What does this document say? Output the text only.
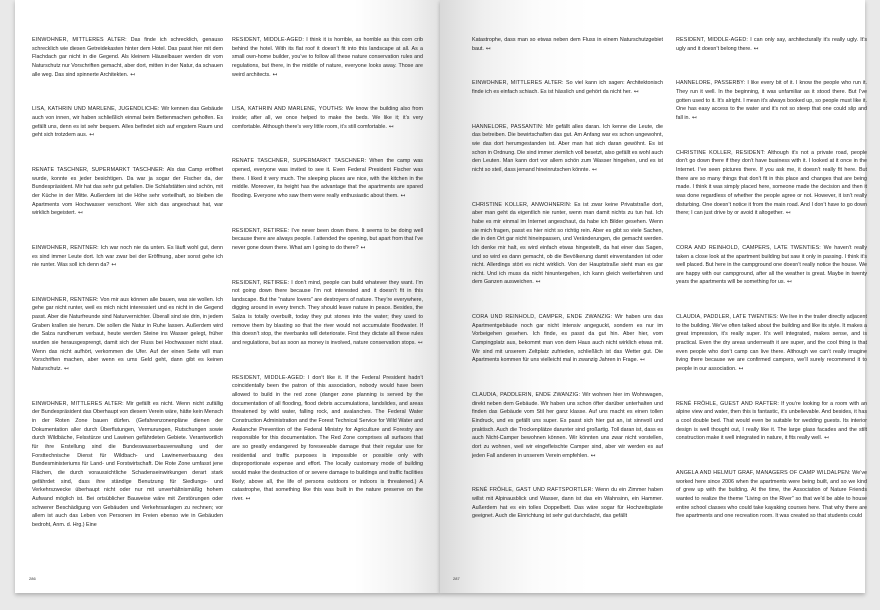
EINWOHNER, MITTLERES ALTER: Das finde ich schrecklich, genauso schrecklich wie diesen Getreidekasten hinter dem Hotel. Das passt hier mit dem Flachdach gar nicht in die Gegend. Als kleinem Häuselbauer werden dir vom Naturschutz nur Vorschriften gemacht, aber dort, mitten in der Natur, da schauen alle weg. Das sind spinnerte Architekten. ↤

LISA, KATHRIN UND MARLENE, JUGENDLICHE: Wir kennen das Gebäude auch von innen, wir haben schließlich einmal beim Bettenmachen geholfen. Es gefällt uns, denn es ist sehr bequem. Alles befindet sich auf engstem Raum und geht sich trotzdem aus. ↤

RENATE TASCHNER, SUPERMARKT TASCHNER: Als das Camp eröffnet wurde, konnte es jeder besichtigen. Da war ja sogar der Fischer da, der Bundespräsident. Mir hat das sehr gut gefallen. Die Schlafstätten sind schön, mit der Küche in der Mitte. Außerdem ist die Höhe sehr vorteilhaft, so bleiben die Apartments vom Hochwasser verschont. Wer sich das angeschaut hat, war wirklich begeistert. ↤

EINWOHNER, RENTNER: Ich war noch nie da unten. Es läuft wohl gut, denn es sind immer Leute dort. Ich war zwar bei der Eröffnung, aber sonst gehe ich nie runter. Was soll ich denn da? ↤

EINWOHNER, RENTNER: Von mir aus können alle bauen, was sie wollen. Ich gehe gar nicht runter, weil es mich nicht interessiert und es nicht in die Gegend passt. Aber die Naturfreunde sind Naturvernichter. Überall sind sie drin, in jedem Graben krallen sie herum. Die sollen die Natur in Ruhe lassen. Außerdem wird die Salza rundherum verbaut, heute werden Steine ins Wasser gelegt, früher wurden sie herausgesprengt, damit sich der Fluss bei Hochwasser nicht staut. Wenn das nicht aufhört, verkommen die Ufer. Auf der einen Seite will man Vorschriften machen, aber wenn es ums Geld geht, dann gibt es keinen Naturschutz. ↤

EINWOHNER, MITTLERES ALTER: Mir gefällt es nicht. Wenn nicht zufällig der Bundespräsident das Oberhaupt von diesem Verein wäre, hätte kein Mensch in der Roten Zone bauen dürfen. (Gefahrenzonenpläne dienen der Dokumentation aller durch Überflutungen, Vermurungen, Rutschungen sowie durch Wildbäche, Felsstürze und Lawinen gefährdeten Gebiete. Verantwortlich für ihre Erstellung sind die Bundeswasserbauverwaltung und der Forsttechnische Dienst für Wildbach- und Lawinenverbauung des Bundesministeriums für Land- und Forstwirtschaft. Die Rote Zone umfasst jene Flächen, die durch voraussichtliche Schadenseinwirkungen derart stark gefährdet sind, dass ihre ständige Benutzung für Siedlungs- und Verkehrszwecke überhaupt nicht oder nur mit unverhältnismäßig hohem Aufwand möglich ist. Bei ortsüblicher Bauweise wäre mit Zerstörungen oder schwerer Beschädigung von Gebäuden und Verkehrsanlagen zu rechnen; vor allem ist auch das Leben von Personen im Freien ebenso wie in Gebäuden bedroht, Anm. d. Hrg.) Eine

RESIDENT, MIDDLE-AGED: I think it is horrible, as horrible as this corn crib behind the hotel. With its flat roof it doesn’t fit into this landscape at all. As a small own-home builder, you’ve to follow all these nature conservation rules and regulations, but there, in the middle of nature, everyone looks away. Those are weird architects. ↤

LISA, KATHRIN AND MARLENE, YOUTHS: We know the building also from inside; after all, we once helped to make the beds. We like it; it’s very comfortable. Although there’s very little room, it’s still comfortable. ↤

RENATE TASCHNER, SUPERMARKT TASCHNER: When the camp was opened, everyone was invited to see it. Even Federal President Fischer was there. I liked it very much. The sleeping places are nice, with the kitchen in the middle. Moreover, its height has the advantage that the apartments are spared flooding. Everyone who saw them were really enthusiastic about them. ↤

RESIDENT, RETIREE: I’ve never been down there. It seems to be doing well because there are always people. I attended the opening, but apart from that I’ve never gone down there. What am I going to do there? ↤

RESIDENT, RETIREE: I don’t mind, people can build whatever they want. I’m not going down there because I’m not interested and it doesn’t fit in this landscape. But the “nature lovers” are destroyers of nature. They’re everywhere, digging around in every trench. They should leave nature in peace. Besides, the Salza is totally overbuilt, today they put stones into the water; they used to remove them by blasting so that the river would not accumulate floodwater. If this doesn’t stop, the riverbanks will deteriorate. First they dictate all these rules and regulations, but as soon as money is involved, nature conservation stops. ↤

RESIDENT, MIDDLE-AGED: I don’t like it. If the Federal President hadn’t coincidentally been the patron of this association, nobody would have been allowed to build in the red zone (danger zone planning is served by the documentation of all flooding, flood debris accumulations, landslides, and areas threatened by wild water, falling rock, and avalanches. The Federal Water Construction Administration and the Forest Technical Service for Wild Water and Avalanche Prevention of the Federal Ministry for Agriculture and Forestry are responsible for this documentation. The Red Zone comprises all surfaces that are so greatly endangered by foreseeable damage that their regular use for residential and traffic purposes is impossible or possible only with disproportionate expense and effort. The locally customary mode of building would make the destruction of or severe damage to buildings and traffic facilities likely; above all, the life of persons outdoors or indoors is threatened.) A catastrophe, that something like this was built in the nature preserve on the river. ↤

286

Katastrophe, dass man so etwas neben dem Fluss in einem Naturschutzgebiet baut. ↤

EINWOHNER, MITTLERES ALTER: So viel kann ich sagen: Architektonisch finde ich es einfach schiach. Es ist hässlich und gehört da nicht her. ↤

HANNELORE, PASSANTIN: Mir gefällt alles daran. Ich kenne die Leute, die das betreiben. Die bewirtschaften das gut. Am Anfang war es schon ungewohnt, wie das dort herumgestanden ist. Aber man hat sich daran gewöhnt. Es ist schon in Ordnung. Die sind immer ziemlich voll besetzt, also gefällt es wohl auch den Leuten. Man kann dort vor allem schön zum Wasser hingehen, und es ist nicht so steil, dass jemand hineinrutschen könnte. ↤

CHRISTINE KOLLER, ANWOHNERIN: Es ist zwar keine Privatstraße dort, aber man geht da eigentlich nie runter, wenn man damit nichts zu tun hat. Ich habe es mir einmal im Internet angeschaut, da habe ich Bilder gesehen. Wenn sie mich fragen, passt es hier nicht so richtig rein. Aber es gibt so viele Sachen, die in den Ort gar nicht hineinpassen, und Veränderungen, die gemacht werden. Ich denke mir halt, es wird einfach etwas hingestellt, da hat einer das Sagen, und so wird es dann gemacht, ob die Bevölkerung damit einverstanden ist oder nicht. Allerdings stört es nicht wirklich. Von der Hauptstraße sieht man es gar nicht. Und ich muss da nicht hinuntergehen, ich kann gleich weiterfahren und dem Ganzen ausweichen. ↤

CORA UND REINHOLD, CAMPER, ENDE ZWANZIG: Wir haben uns das Apartmentgebäude noch gar nicht intensiv angeguckt, sondern es nur im Vorbeigehen gesehen. Ich finde, es passt da gut hin. Aber hier, vom Campingplatz aus, bekommt man von dem Haus auch nicht wirklich etwas mit. Wir sind mit unserem Zeltplatz zufrieden, schließlich ist das Wetter gut. Die Apartments kommen für uns vielleicht mal in zwanzig Jahren in Frage. ↤

CLAUDIA, PADDLERIN, ENDE ZWANZIG: Wir wohnen hier im Wohnwagen, direkt neben dem Gebäude. Wir haben uns schon öfter darüber unterhalten und finden das Gebäude vom Stil her ganz klasse. Auf uns macht es einen tollen Eindruck, und es gefällt uns super. Es passt sich hier gut an, ist sinnvoll und praktisch. Auch die Trockenplätze darunter sind großartig. Toll daran ist, dass es auch Nicht-Camper bewohnen können. Wir könnten uns zwar nicht vorstellen, dort zu wohnen, weil wir eingefleischte Camper sind, aber wir werden es auf jeden Fall anderen in unserem Verein empfehlen. ↤

RENÉ FRÖHLE, GAST UND RAFTSPORTLER: Wenn du ein Zimmer haben willst mit Alpinausblick und Wasser, dann ist das ein Wahnsinn, ein Hammer. Außerdem hat es ein tolles Doppelbett. Das wäre sogar für Hochzeitsgäste geeignet. Auch die Einrichtung ist sehr gut durchdacht, das gefällt

RESIDENT, MIDDLE-AGED: I can only say, architecturally it’s really ugly. It’s ugly and it doesn’t belong there. ↤

HANNELORE, PASSERBY: I like every bit of it. I know the people who run it. They run it well. In the beginning, it was unfamiliar as it stood there. But I’ve gotten used to it. It’s alright. I mean it’s always booked up, so people must like it. One has easy access to the water and it’s not so steep that one could slip and fall in. ↤

CHRISTINE KOLLER, RESIDENT: Although it’s not a private road, people don’t go down there if they don’t have business with it. I looked at it once in the Internet. I’ve seen pictures there. If you ask me, it doesn’t really fit here. But there are so many things that don’t fit in this place and changes that are being made. I think it was simply placed here, someone made the decision and then it was done regardless of whether the people agree or not. However, it isn’t really disturbing. One doesn’t notice it from the main road. And I don’t have to go down there; I can just drive by or avoid it altogether. ↤

CORA AND REINHOLD, CAMPERS, LATE TWENTIES: We haven’t really taken a close look at the apartment building but saw it only in passing. I think it’s well placed. But here in the campground one doesn’t really notice the house. We are happy with our campground, after all the weather is great. Maybe in twenty years the apartments will be something for us. ↤

CLAUDIA, PADDLER, LATE TWENTIES: We live in the trailer directly adjacent to the building. We’ve often talked about the building and like its style. It makes a great impression, it’s really super. It’s well integrated, makes sense, and is practical. Even the dry areas underneath it are super, and the cool thing is that even people who don’t camp can live there. Although we can’t really imagine living there because we are confirmed campers, we’ll surely recommend it to people in our association. ↤

RENÉ FRÖHLE, GUEST AND RAFTER: If you’re looking for a room with an alpine view and water, then this is fantastic, it’s unbelievable. And besides, it has a cool double bed. That would even be suitable for wedding guests. Its interior design is well thought out, I really like it. The large glass facades and the stilt construction make it well integrated in nature, it fits really well. ↤

ANGELA AND HELMUT GRAF, MANAGERS OF CAMP WILDALPEN: We’ve worked here since 2006 when the apartments were being built, and so we kind of grew up with the building. At the time, the Association of Nature Friends wanted to realize the theme “Living on the River” so that we’d be able to house entire school classes who could take kayaking courses here. That why there are five apartments and one recreation room. It was created so that students could

287
